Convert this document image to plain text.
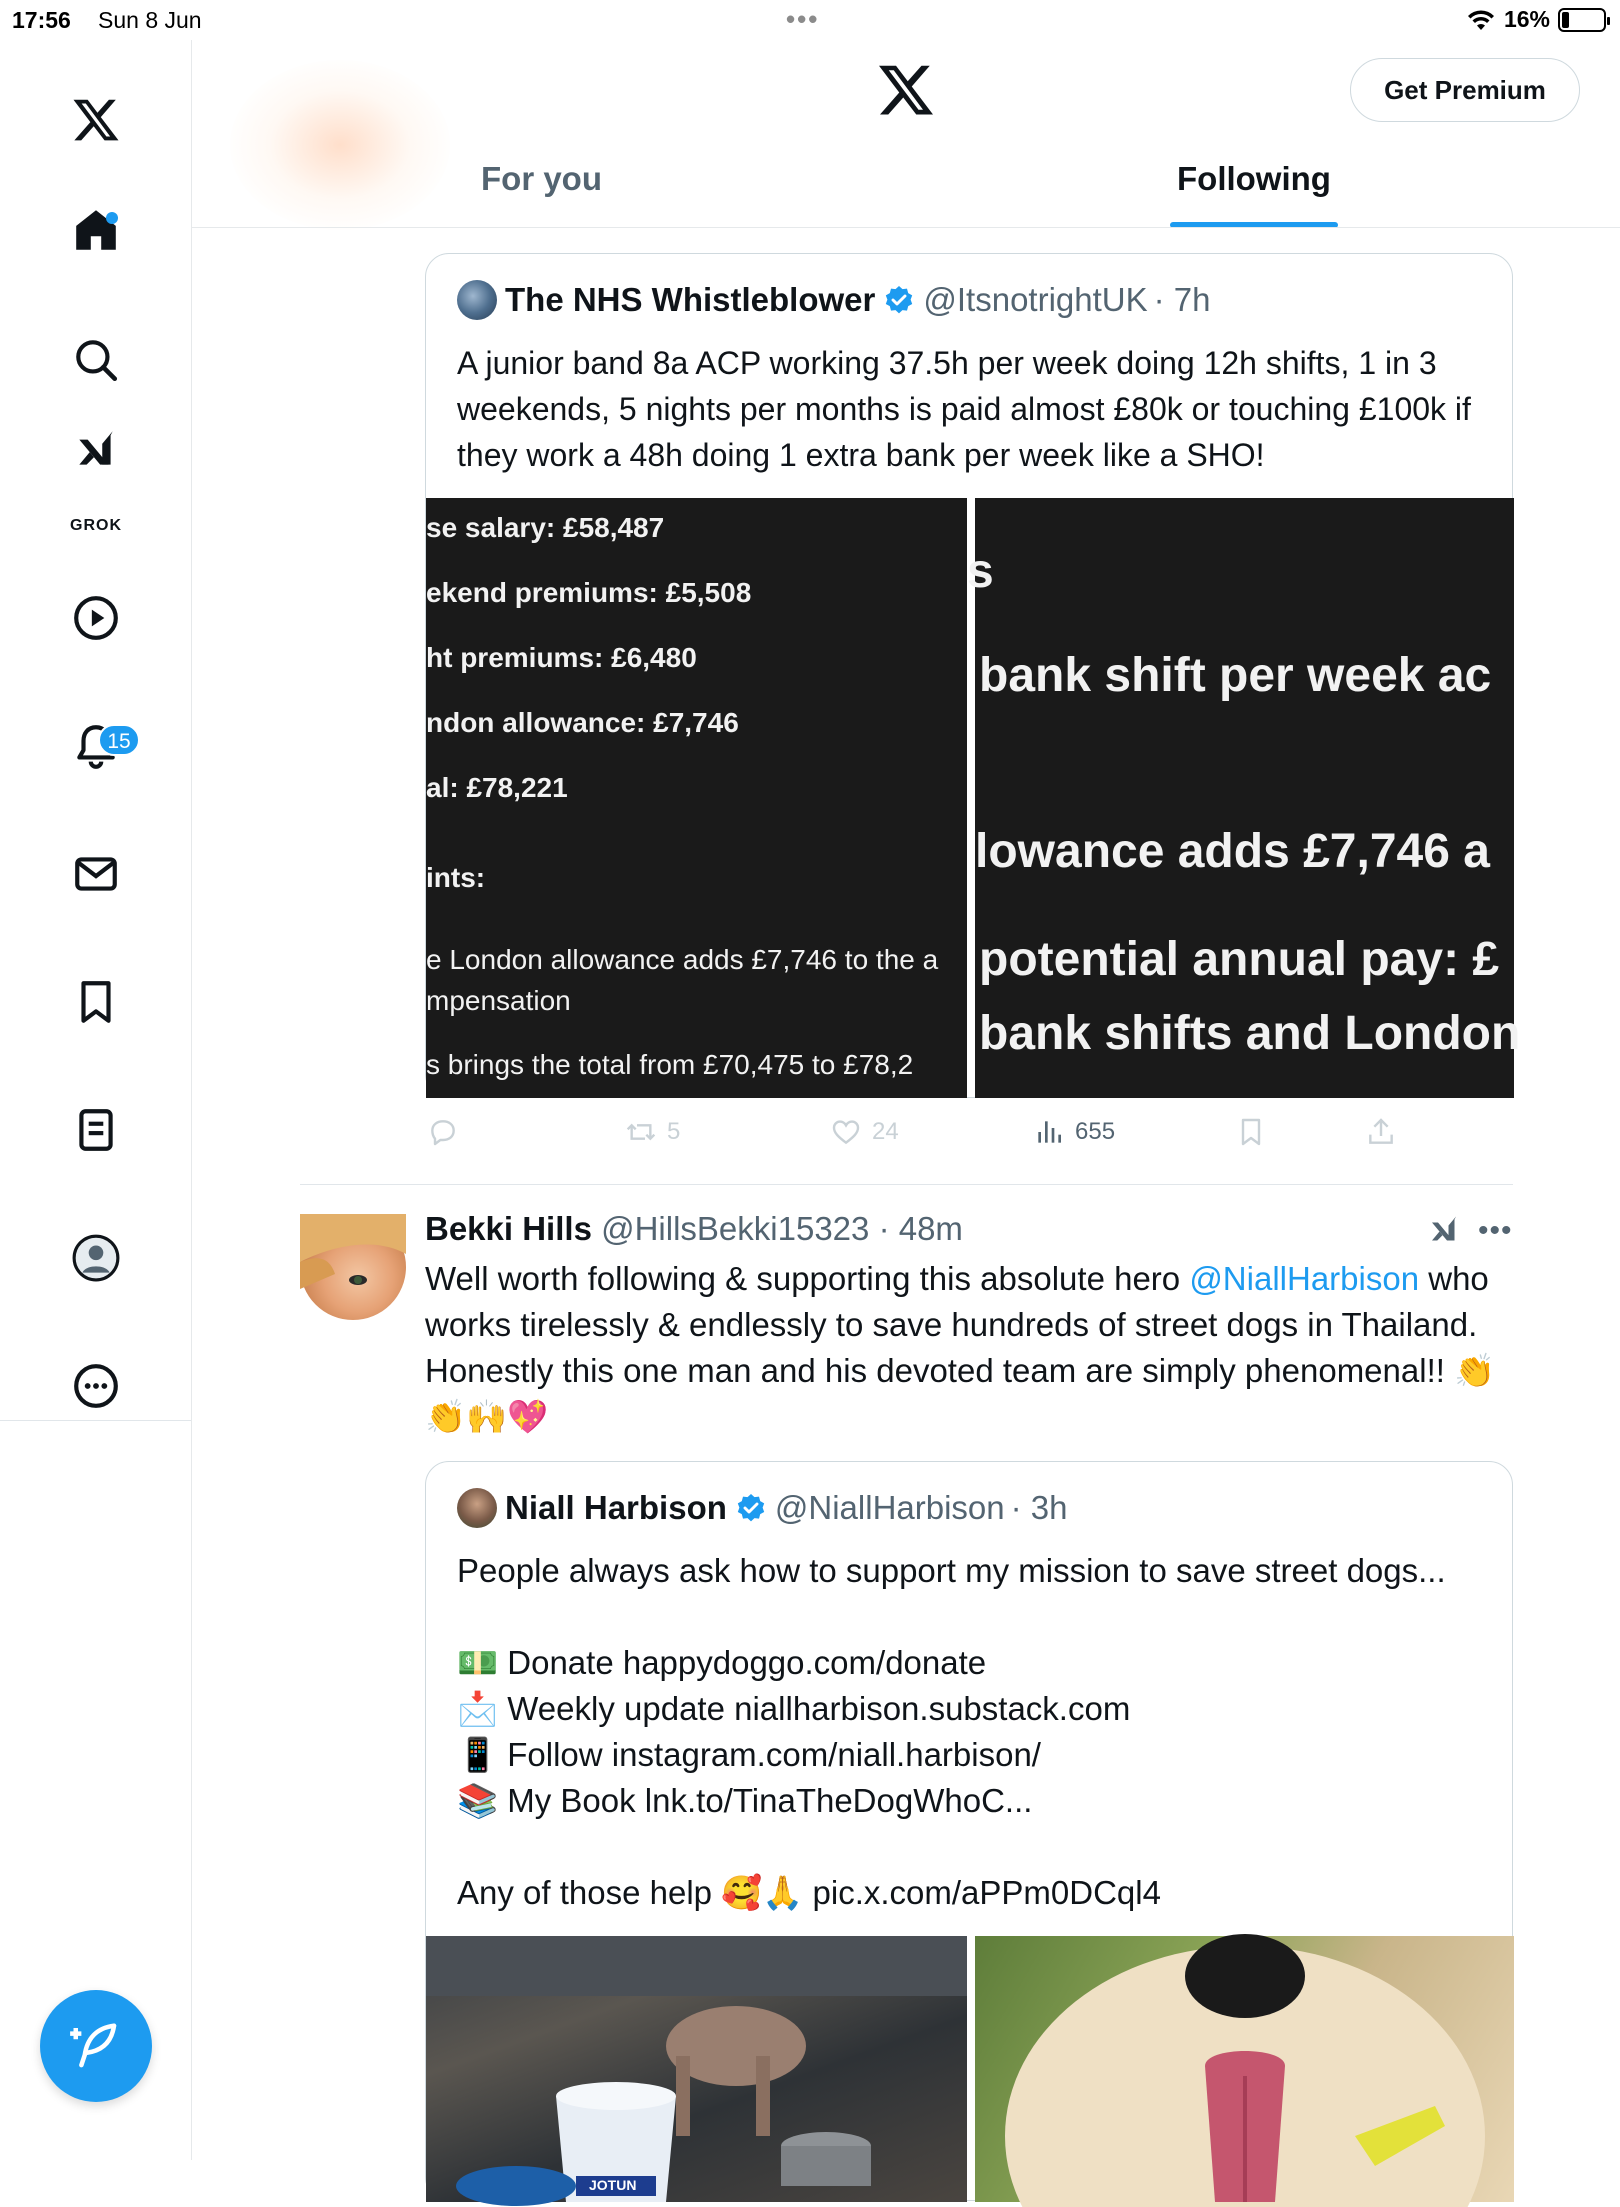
17:56 Sun 8 Jun	•••	16%
GROK
15
Get Premium
For you	Following
The NHS Whistleblower @ItsnotrightUK · 7h
A junior band 8a ACP working 37.5h per week doing 12h shifts, 1 in 3 weekends, 5 nights per months is paid almost £80k or touching £100k if they work a 48h doing 1 extra bank per week like a SHO!
se salary: £58,487
ekend premiums: £5,508
ht premiums: £6,480
ndon allowance: £7,746
al: £78,221
ints:
e London allowance adds £7,746 to the a
mpensation
s brings the total from £70,475 to £78,2
s
bank shift per week ac
lowance adds £7,746 a
potential annual pay: £
bank shifts and London
5	24	655
Bekki Hills @HillsBekki15323 · 48m	•••
Well worth following & supporting this absolute hero @NiallHarbison who works tirelessly & endlessly to save hundreds of street dogs in Thailand. Honestly this one man and his devoted team are simply phenomenal!! 👏👏🙌💖
Niall Harbison @NiallHarbison · 3h
People always ask how to support my mission to save street dogs...

💵 Donate happydoggo.com/donate
📩 Weekly update niallharbison.substack.com
📱 Follow instagram.com/niall.harbison/
📚 My Book lnk.to/TinaTheDogWhoC...

Any of those help 🥰🙏 pic.x.com/aPPm0DCql4
JOTUN
